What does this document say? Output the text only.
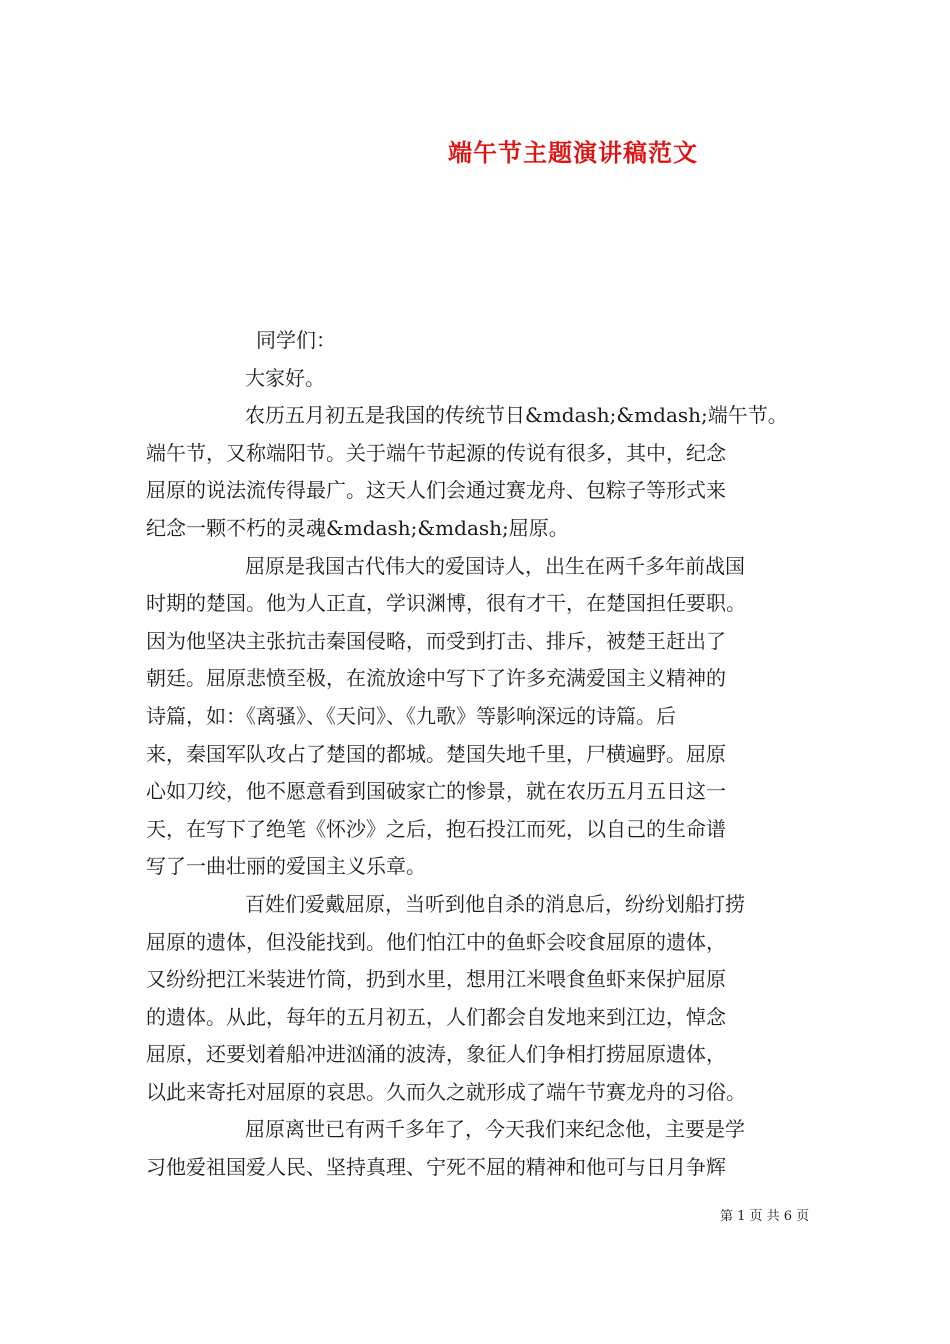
端午节主题演讲稿范文
同学们：
大家好。
农历五月初五是我国的传统节日&mdash;&mdash;端午节。
端午节，又称端阳节。关于端午节起源的传说有很多，其中，纪念
屈原的说法流传得最广。这天人们会通过赛龙舟、包粽子等形式来
纪念一颗不朽的灵魂&mdash;&mdash;屈原。
屈原是我国古代伟大的爱国诗人，出生在两千多年前战国
时期的楚国。他为人正直，学识渊博，很有才干，在楚国担任要职。
因为他坚决主张抗击秦国侵略，而受到打击、排斥，被楚王赶出了
朝廷。屈原悲愤至极，在流放途中写下了许多充满爱国主义精神的
诗篇，如：《离骚》、《天问》、《九歌》等影响深远的诗篇。后
来，秦国军队攻占了楚国的都城。楚国失地千里，尸横遍野。屈原
心如刀绞，他不愿意看到国破家亡的惨景，就在农历五月五日这一
天，在写下了绝笔《怀沙》之后，抱石投江而死，以自己的生命谱
写了一曲壮丽的爱国主义乐章。
百姓们爱戴屈原，当听到他自杀的消息后，纷纷划船打捞
屈原的遗体，但没能找到。他们怕江中的鱼虾会咬食屈原的遗体，
又纷纷把江米装进竹筒，扔到水里，想用江米喂食鱼虾来保护屈原
的遗体。从此，每年的五月初五，人们都会自发地来到江边，悼念
屈原，还要划着船冲进汹涌的波涛，象征人们争相打捞屈原遗体，
以此来寄托对屈原的哀思。久而久之就形成了端午节赛龙舟的习俗。
屈原离世已有两千多年了，今天我们来纪念他，主要是学
习他爱祖国爱人民、坚持真理、宁死不屈的精神和他可与日月争辉
第 1 页 共 6 页
